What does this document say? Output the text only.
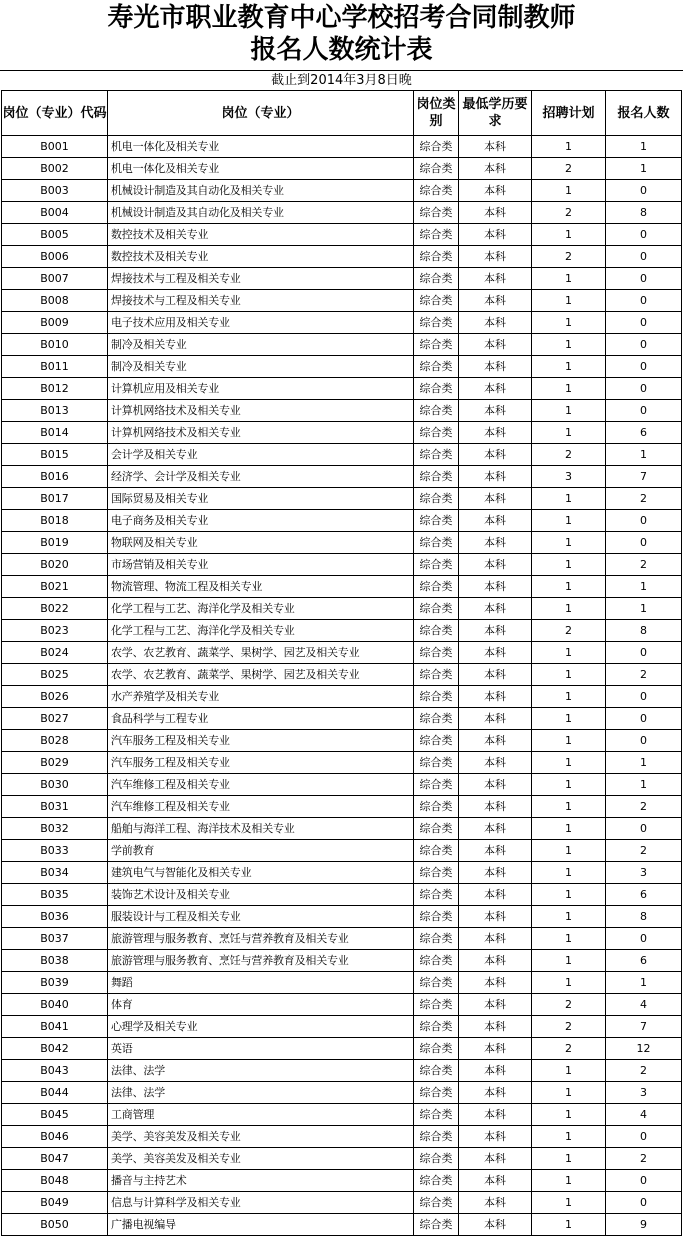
寿光市职业教育中心学校招考合同制教师
报名人数统计表
截止到2014年3月8日晚
岗位（专业）代码	岗位（专业）	岗位类别	最低学历要求	招聘计划	报名人数
B001	机电一体化及相关专业	综合类	本科	1	1
B002	机电一体化及相关专业	综合类	本科	2	1
B003	机械设计制造及其自动化及相关专业	综合类	本科	1	0
B004	机械设计制造及其自动化及相关专业	综合类	本科	2	8
B005	数控技术及相关专业	综合类	本科	1	0
B006	数控技术及相关专业	综合类	本科	2	0
B007	焊接技术与工程及相关专业	综合类	本科	1	0
B008	焊接技术与工程及相关专业	综合类	本科	1	0
B009	电子技术应用及相关专业	综合类	本科	1	0
B010	制冷及相关专业	综合类	本科	1	0
B011	制冷及相关专业	综合类	本科	1	0
B012	计算机应用及相关专业	综合类	本科	1	0
B013	计算机网络技术及相关专业	综合类	本科	1	0
B014	计算机网络技术及相关专业	综合类	本科	1	6
B015	会计学及相关专业	综合类	本科	2	1
B016	经济学、会计学及相关专业	综合类	本科	3	7
B017	国际贸易及相关专业	综合类	本科	1	2
B018	电子商务及相关专业	综合类	本科	1	0
B019	物联网及相关专业	综合类	本科	1	0
B020	市场营销及相关专业	综合类	本科	1	2
B021	物流管理、物流工程及相关专业	综合类	本科	1	1
B022	化学工程与工艺、海洋化学及相关专业	综合类	本科	1	1
B023	化学工程与工艺、海洋化学及相关专业	综合类	本科	2	8
B024	农学、农艺教育、蔬菜学、果树学、园艺及相关专业	综合类	本科	1	0
B025	农学、农艺教育、蔬菜学、果树学、园艺及相关专业	综合类	本科	1	2
B026	水产养殖学及相关专业	综合类	本科	1	0
B027	食品科学与工程专业	综合类	本科	1	0
B028	汽车服务工程及相关专业	综合类	本科	1	0
B029	汽车服务工程及相关专业	综合类	本科	1	1
B030	汽车维修工程及相关专业	综合类	本科	1	1
B031	汽车维修工程及相关专业	综合类	本科	1	2
B032	船舶与海洋工程、海洋技术及相关专业	综合类	本科	1	0
B033	学前教育	综合类	本科	1	2
B034	建筑电气与智能化及相关专业	综合类	本科	1	3
B035	装饰艺术设计及相关专业	综合类	本科	1	6
B036	服装设计与工程及相关专业	综合类	本科	1	8
B037	旅游管理与服务教育、烹饪与营养教育及相关专业	综合类	本科	1	0
B038	旅游管理与服务教育、烹饪与营养教育及相关专业	综合类	本科	1	6
B039	舞蹈	综合类	本科	1	1
B040	体育	综合类	本科	2	4
B041	心理学及相关专业	综合类	本科	2	7
B042	英语	综合类	本科	2	12
B043	法律、法学	综合类	本科	1	2
B044	法律、法学	综合类	本科	1	3
B045	工商管理	综合类	本科	1	4
B046	美学、美容美发及相关专业	综合类	本科	1	0
B047	美学、美容美发及相关专业	综合类	本科	1	2
B048	播音与主持艺术	综合类	本科	1	0
B049	信息与计算科学及相关专业	综合类	本科	1	0
B050	广播电视编导	综合类	本科	1	9
